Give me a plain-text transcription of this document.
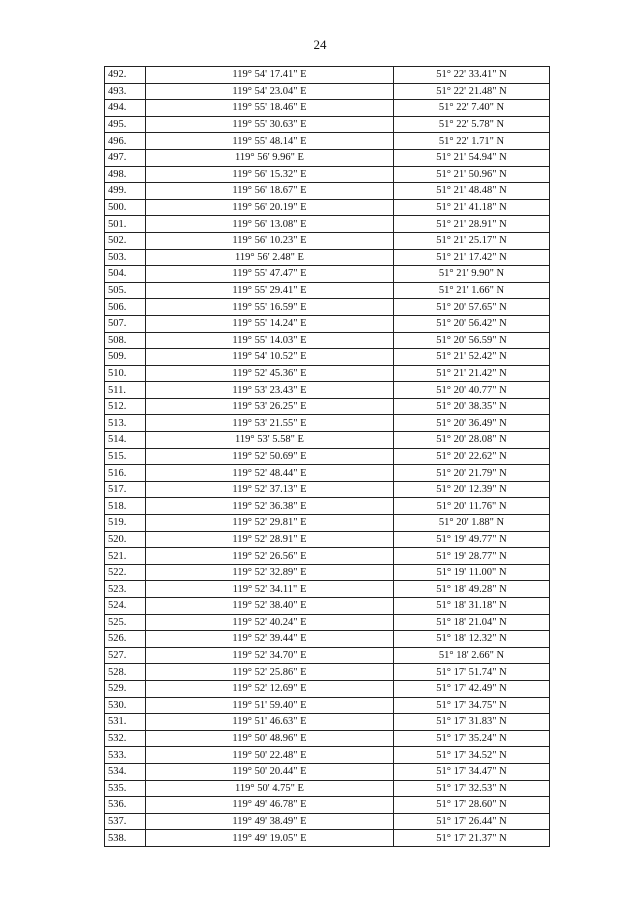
24
492.	119° 54' 17.41" E	51° 22' 33.41" N
493.	119° 54' 23.04" E	51° 22' 21.48" N
494.	119° 55' 18.46" E	51° 22' 7.40" N
495.	119° 55' 30.63" E	51° 22' 5.78" N
496.	119° 55' 48.14" E	51° 22' 1.71" N
497.	119° 56' 9.96" E	51° 21' 54.94" N
498.	119° 56' 15.32" E	51° 21' 50.96" N
499.	119° 56' 18.67" E	51° 21' 48.48" N
500.	119° 56' 20.19" E	51° 21' 41.18" N
501.	119° 56' 13.08" E	51° 21' 28.91" N
502.	119° 56' 10.23" E	51° 21' 25.17" N
503.	119° 56' 2.48" E	51° 21' 17.42" N
504.	119° 55' 47.47" E	51° 21' 9.90" N
505.	119° 55' 29.41" E	51° 21' 1.66" N
506.	119° 55' 16.59" E	51° 20' 57.65" N
507.	119° 55' 14.24" E	51° 20' 56.42" N
508.	119° 55' 14.03" E	51° 20' 56.59" N
509.	119° 54' 10.52" E	51° 21' 52.42" N
510.	119° 52' 45.36" E	51° 21' 21.42" N
511.	119° 53' 23.43" E	51° 20' 40.77" N
512.	119° 53' 26.25" E	51° 20' 38.35" N
513.	119° 53' 21.55" E	51° 20' 36.49" N
514.	119° 53' 5.58" E	51° 20' 28.08" N
515.	119° 52' 50.69" E	51° 20' 22.62" N
516.	119° 52' 48.44" E	51° 20' 21.79" N
517.	119° 52' 37.13" E	51° 20' 12.39" N
518.	119° 52' 36.38" E	51° 20' 11.76" N
519.	119° 52' 29.81" E	51° 20' 1.88" N
520.	119° 52' 28.91" E	51° 19' 49.77" N
521.	119° 52' 26.56" E	51° 19' 28.77" N
522.	119° 52' 32.89" E	51° 19' 11.00" N
523.	119° 52' 34.11" E	51° 18' 49.28" N
524.	119° 52' 38.40" E	51° 18' 31.18" N
525.	119° 52' 40.24" E	51° 18' 21.04" N
526.	119° 52' 39.44" E	51° 18' 12.32" N
527.	119° 52' 34.70" E	51° 18' 2.66" N
528.	119° 52' 25.86" E	51° 17' 51.74" N
529.	119° 52' 12.69" E	51° 17' 42.49" N
530.	119° 51' 59.40" E	51° 17' 34.75" N
531.	119° 51' 46.63" E	51° 17' 31.83" N
532.	119° 50' 48.96" E	51° 17' 35.24" N
533.	119° 50' 22.48" E	51° 17' 34.52" N
534.	119° 50' 20.44" E	51° 17' 34.47" N
535.	119° 50' 4.75" E	51° 17' 32.53" N
536.	119° 49' 46.78" E	51° 17' 28.60" N
537.	119° 49' 38.49" E	51° 17' 26.44" N
538.	119° 49' 19.05" E	51° 17' 21.37" N
